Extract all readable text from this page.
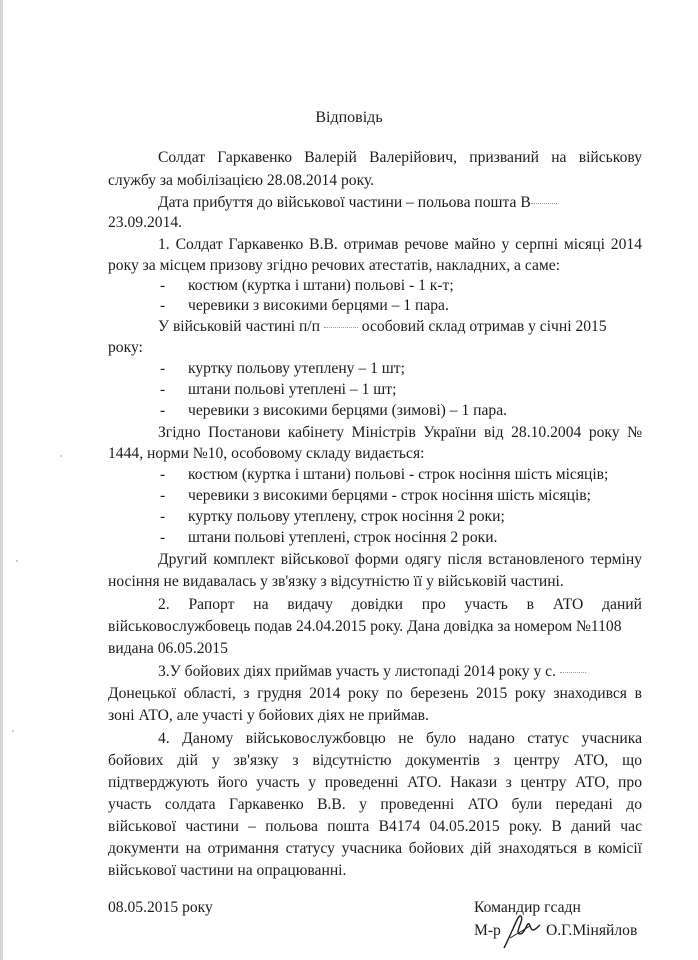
Відповідь

Солдат Гаркавенко Валерій Валерійович, призваний на військову

службу за мобілізацією 28.08.2014 року.

Дата прибуття до військової частини – польова пошта В

23.09.2014.

1. Солдат Гаркавенко В.В. отримав речове майно у серпні місяці 2014

року за місцем призову згідно речових атестатів, накладних, а саме:

- костюм (куртка і штани) польові - 1 к-т;

- черевики з високими берцями – 1 пара.

У військовій частині п/п	особовий склад отримав у січні 2015

року:

- куртку польову утеплену – 1 шт;

- штани польові утеплені – 1 шт;

- черевики з високими берцями (зимові) – 1 пара.

Згідно Постанови кабінету Міністрів України від 28.10.2004 року №

1444, норми №10, особовому складу видається:

- костюм (куртка і штани) польові - строк носіння шість місяців;

- черевики з високими берцями - строк носіння шість місяців;

- куртку польову утеплену, строк носіння 2 роки;

- штани польові утеплені, строк носіння 2 роки.

Другий комплект військової форми одягу після встановленого терміну

носіння не видавалась у зв'язку з відсутністю її у військовій частині.

2. Рапорт на видачу довідки про участь в АТО даний

військовослужбовець подав 24.04.2015 року. Дана довідка за номером №1108

видана 06.05.2015

3.У бойових діях приймав участь у листопаді 2014 року у с.

Донецької області, з грудня 2014 року по березень 2015 року знаходився в

зоні АТО, але участі у бойових діях не приймав.

4. Даному військовослужбовцю не було надано статус учасника

бойових дій у зв'язку з відсутністю документів з центру АТО, що

підтверджують його участь у проведенні АТО. Накази з центру АТО, про

участь солдата Гаркавенко В.В. у проведенні АТО були передані до

військової частини – польова пошта В4174 04.05.2015 року. В даний час

документи на отримання статусу учасника бойових дій знаходяться в комісії

військової частини на опрацюванні.

08.05.2015 року	Командир гсадн

М-р	О.Г.Міняйлов
